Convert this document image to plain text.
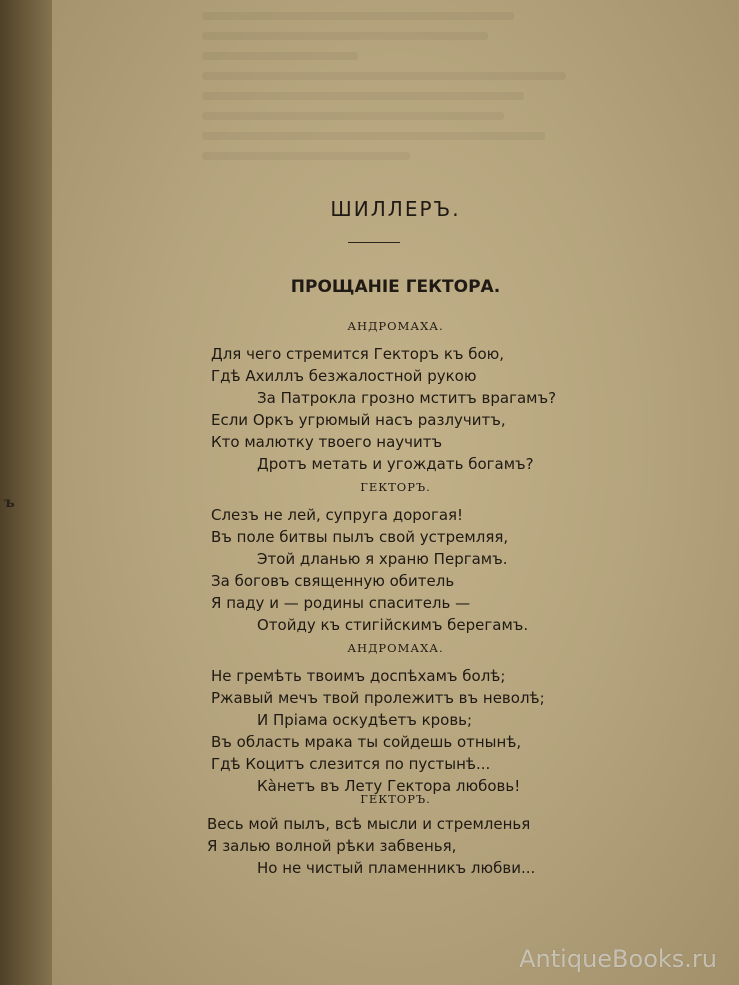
ъ
ШИЛЛЕРЪ.
ПРОЩАНІЕ ГЕКТОРА.
АНДРОМАХА.
Для чего стремится Гекторъ къ бою,
Гдѣ Ахиллъ безжалостной рукою
За Патрокла грозно мститъ врагамъ?
Если Оркъ угрюмый насъ разлучитъ,
Кто малютку твоего научитъ
Дротъ метать и угождать богамъ?
ГЕКТОРЪ.
Слезъ не лей, супруга дорогая!
Въ поле битвы пылъ свой устремляя,
Этой дланью я храню Пергамъ.
За боговъ священную обитель
Я паду и — родины спаситель —
Отойду къ стигійскимъ берегамъ.
АНДРОМАХА.
Не гремѣть твоимъ доспѣхамъ болѣ;
Ржавый мечъ твой пролежитъ въ неволѣ;
И Пріама оскудѣетъ кровь;
Въ область мрака ты сойдешь отнынѣ,
Гдѣ Коцитъ слезится по пустынѣ...
Ка̀нетъ въ Лету Гектора любовь!
ГЕКТОРЪ.
Весь мой пылъ, всѣ мысли и стремленья
Я залью волной рѣки забвенья,
Но не чистый пламенникъ любви...
AntiqueBooks.ru
